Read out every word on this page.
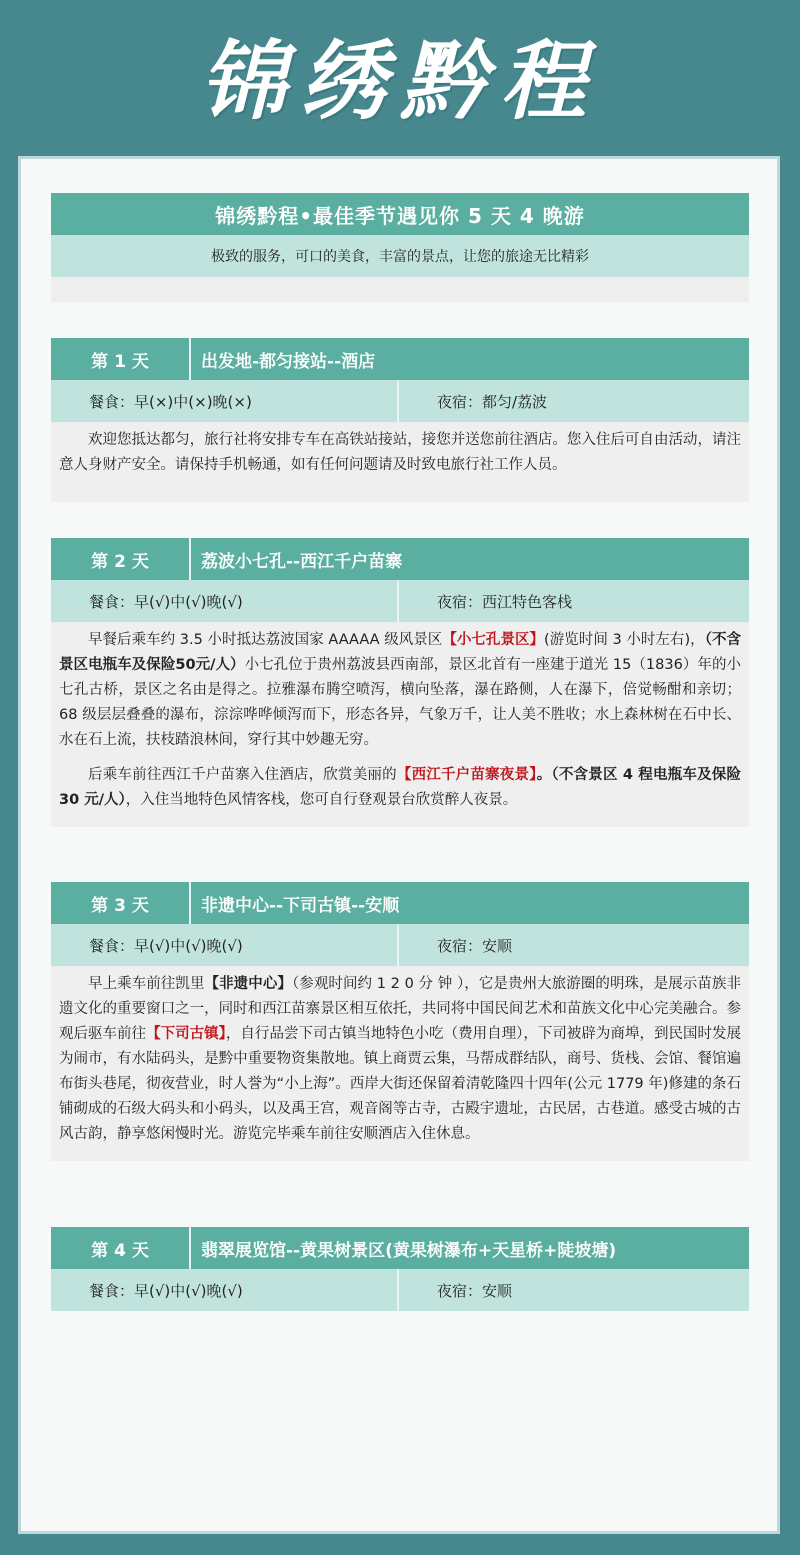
锦绣黔程
锦绣黔程•最佳季节遇见你 5 天 4 晚游
极致的服务，可口的美食，丰富的景点，让您的旅途无比精彩
第 1 天	出发地-都匀接站--酒店
餐食：早(×)中(×)晚(×)	夜宿：都匀/荔波

欢迎您抵达都匀，旅行社将安排专车在高铁站接站，接您并送您前往酒店。您入住后可自由活动，请注意人身财产安全。请保持手机畅通，如有任何问题请及时致电旅行社工作人员。

第 2 天	荔波小七孔--西江千户苗寨
餐食：早(√)中(√)晚(√)	夜宿：西江特色客栈

早餐后乘车约 3.5 小时抵达荔波国家 AAAAA 级风景区【小七孔景区】(游览时间 3 小时左右)，（不含景区电瓶车及保险50元/人）小七孔位于贵州荔波县西南部，景区北首有一座建于道光 15（1836）年的小七孔古桥，景区之名由是得之。拉雅瀑布腾空喷泻，横向坠落，瀑在路侧，人在瀑下，倍觉畅酣和亲切；68 级层层叠叠的瀑布，淙淙哗哗倾泻而下，形态各异，气象万千，让人美不胜收；水上森林树在石中长、水在石上流，扶枝踏浪林间，穿行其中妙趣无穷。

后乘车前往西江千户苗寨入住酒店，欣赏美丽的【西江千户苗寨夜景】。（不含景区 4 程电瓶车及保险 30 元/人），入住当地特色风情客栈，您可自行登观景台欣赏醉人夜景。

第 3 天	非遗中心--下司古镇--安顺
餐食：早(√)中(√)晚(√)	夜宿：安顺

早上乘车前往凯里【非遗中心】（参观时间约 1 2 0 分 钟 ），它是贵州大旅游圈的明珠，是展示苗族非遗文化的重要窗口之一，同时和西江苗寨景区相互依托，共同将中国民间艺术和苗族文化中心完美融合。参观后驱车前往【下司古镇】，自行品尝下司古镇当地特色小吃（费用自理），下司被辟为商埠，到民国时发展为闹市，有水陆码头，是黔中重要物资集散地。镇上商贾云集，马帮成群结队，商号、货栈、会馆、餐馆遍布街头巷尾，彻夜营业，时人誉为“小上海”。西岸大街还保留着清乾隆四十四年(公元 1779 年)修建的条石铺砌成的石级大码头和小码头，以及禹王宫，观音阁等古寺，古殿宇遗址，古民居，古巷道。感受古城的古风古韵，静享悠闲慢时光。游览完毕乘车前往安顺酒店入住休息。

第 4 天	翡翠展览馆--黄果树景区(黄果树瀑布+天星桥+陡坡塘)
餐食：早(√)中(√)晚(√)	夜宿：安顺
